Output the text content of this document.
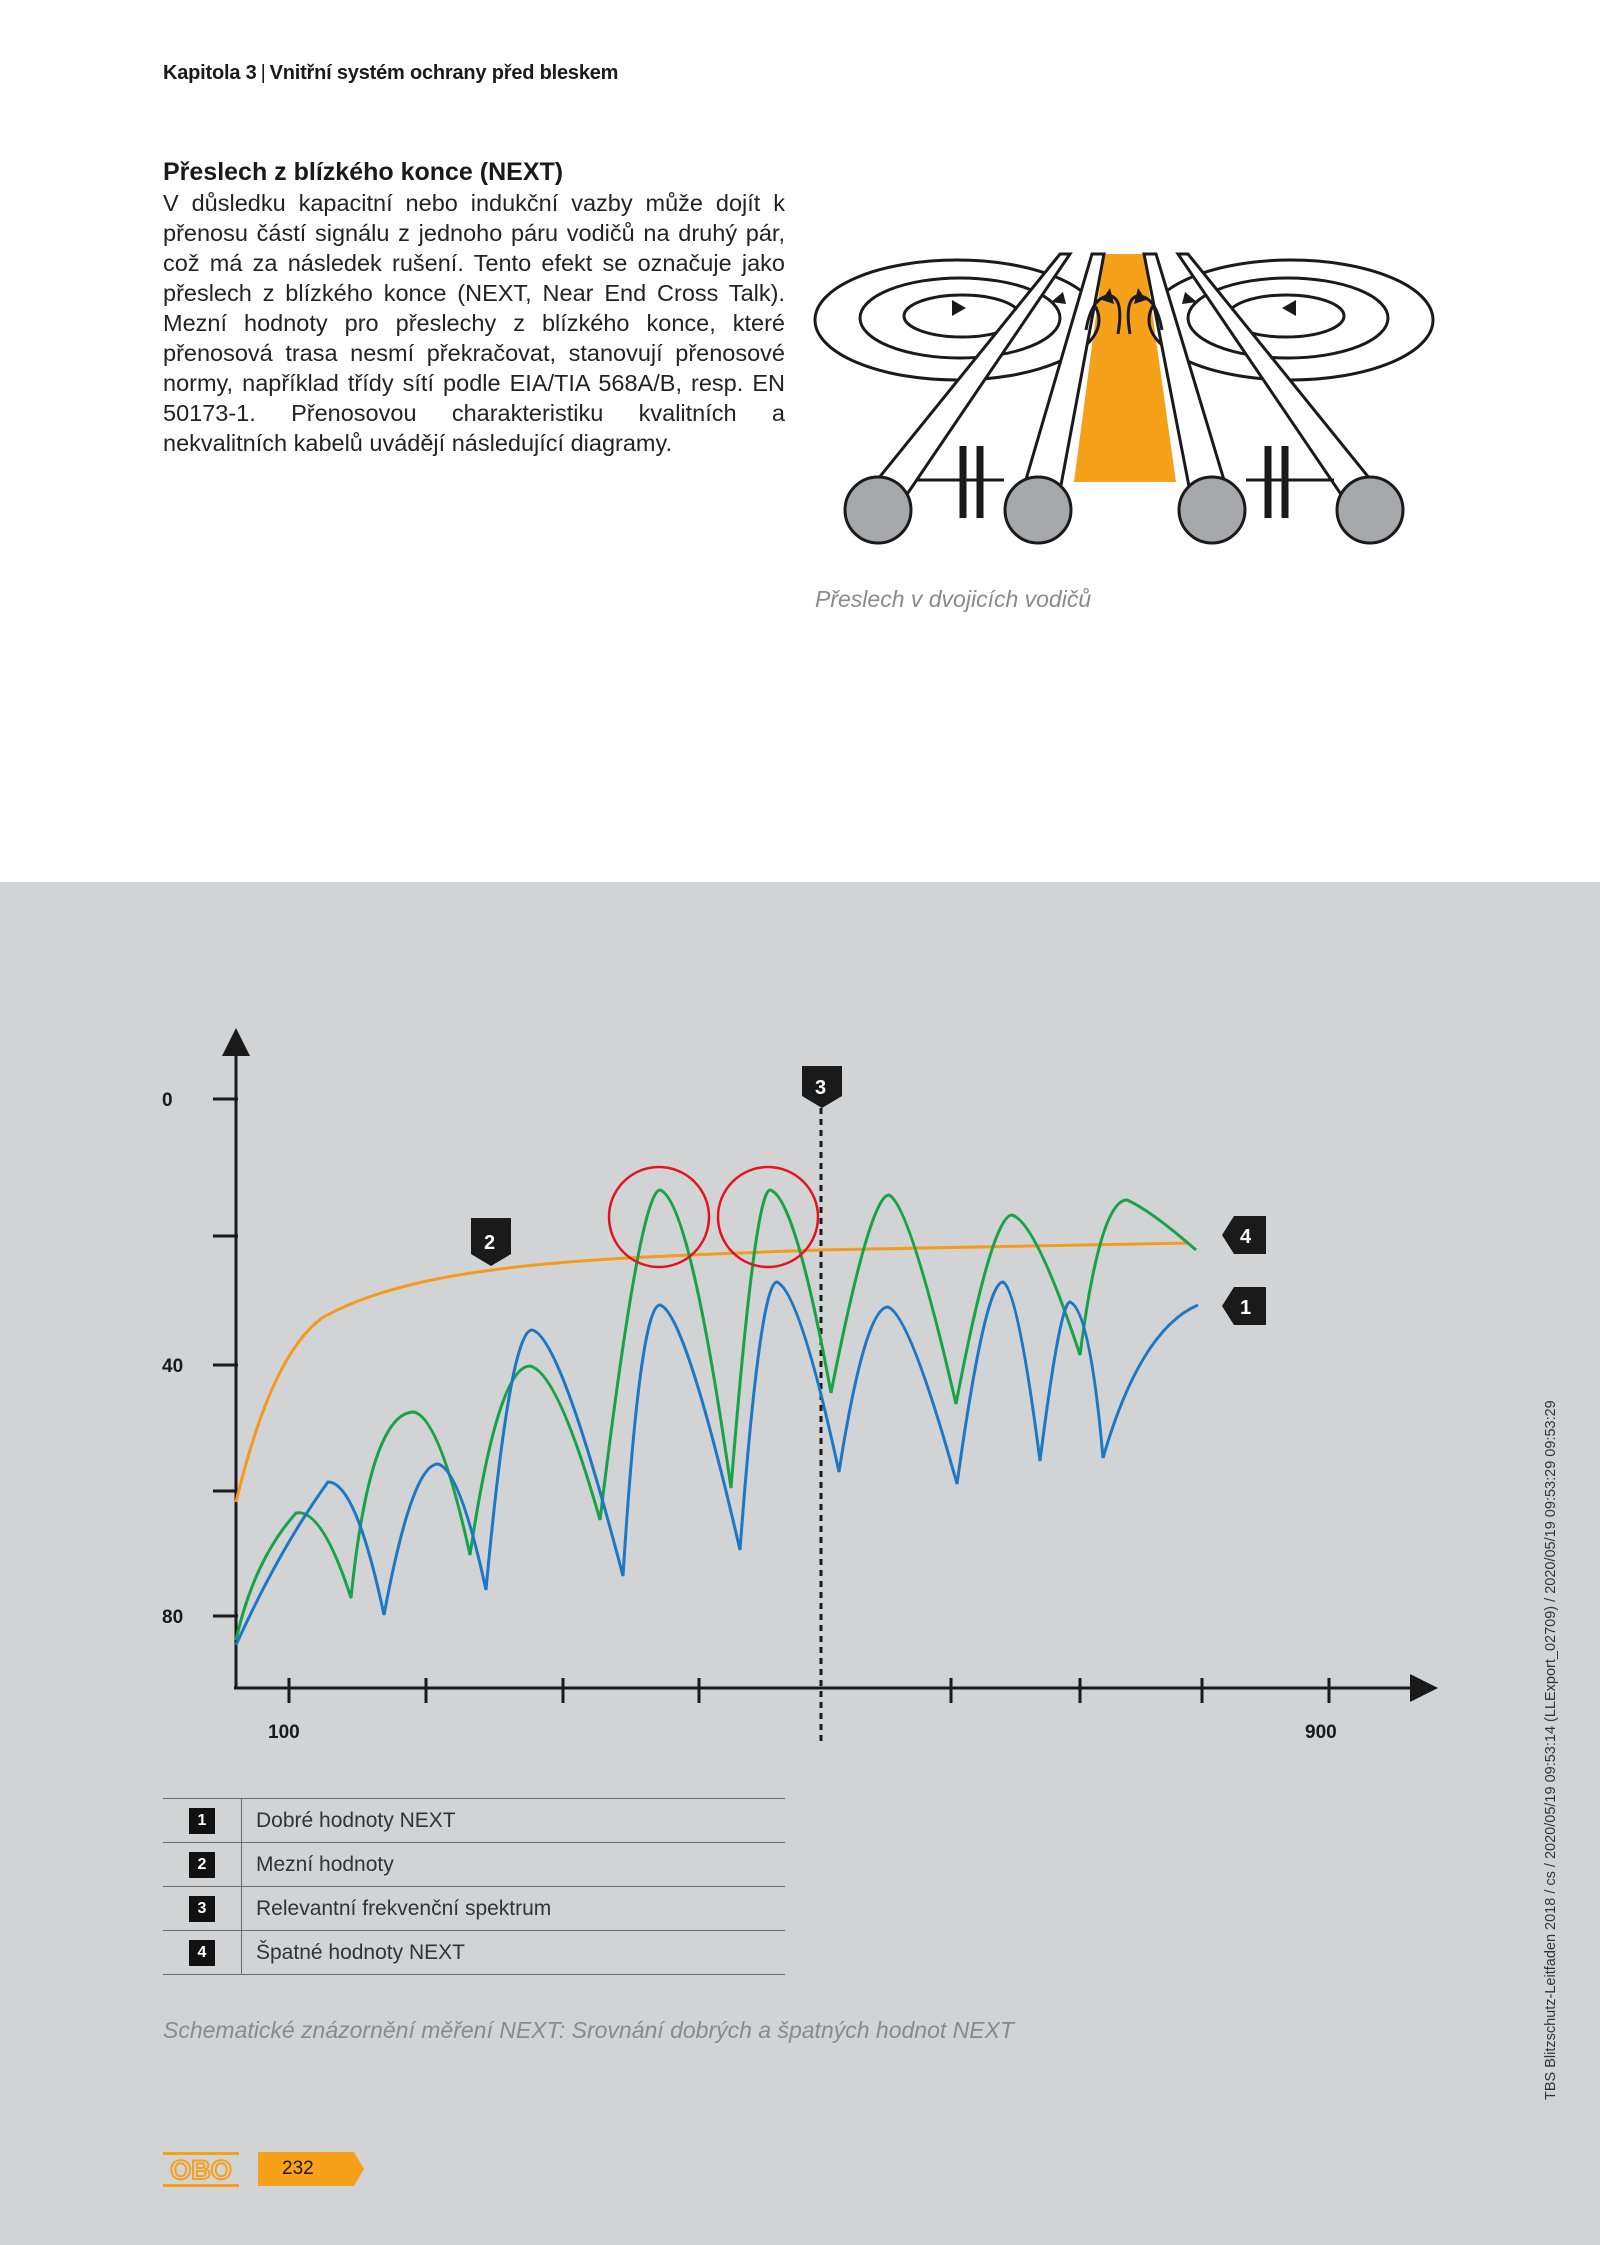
Kapitola 3 | Vnitřní systém ochrany před bleskem
Přeslech z blízkého konce (NEXT)
V důsledku kapacitní nebo indukční vazby může dojít k přenosu částí signálu z jednoho páru vodičů na druhý pár, což má za následek rušení. Tento efekt se označuje jako přeslech z blízkého konce (NEXT, Near End Cross Talk). Mezní hodnoty pro přeslechy z blízkého konce, které přenosová trasa nesmí překračovat, stanovují přenosové normy, například třídy sítí podle EIA/TIA 568A/B, resp. EN 50173-1. Přenosovou charakteristiku kvalitních a nekvalitních kabelů uvádějí následující diagramy.
Přeslech v dvojicích vodičů
0
40
80
100	900
2
3
4
1
1	Dobré hodnoty NEXT
2	Mezní hodnoty
3	Relevantní frekvenční spektrum
4	Špatné hodnoty NEXT
Schematické znázornění měření NEXT: Srovnání dobrých a špatných hodnot NEXT	TBS Blitzschutz-Leitfaden 2018 / cs / 2020/05/19 09:53:14 (LLExport_02709) / 2020/05/19 09:53:29 09:53:29
OBO	232
